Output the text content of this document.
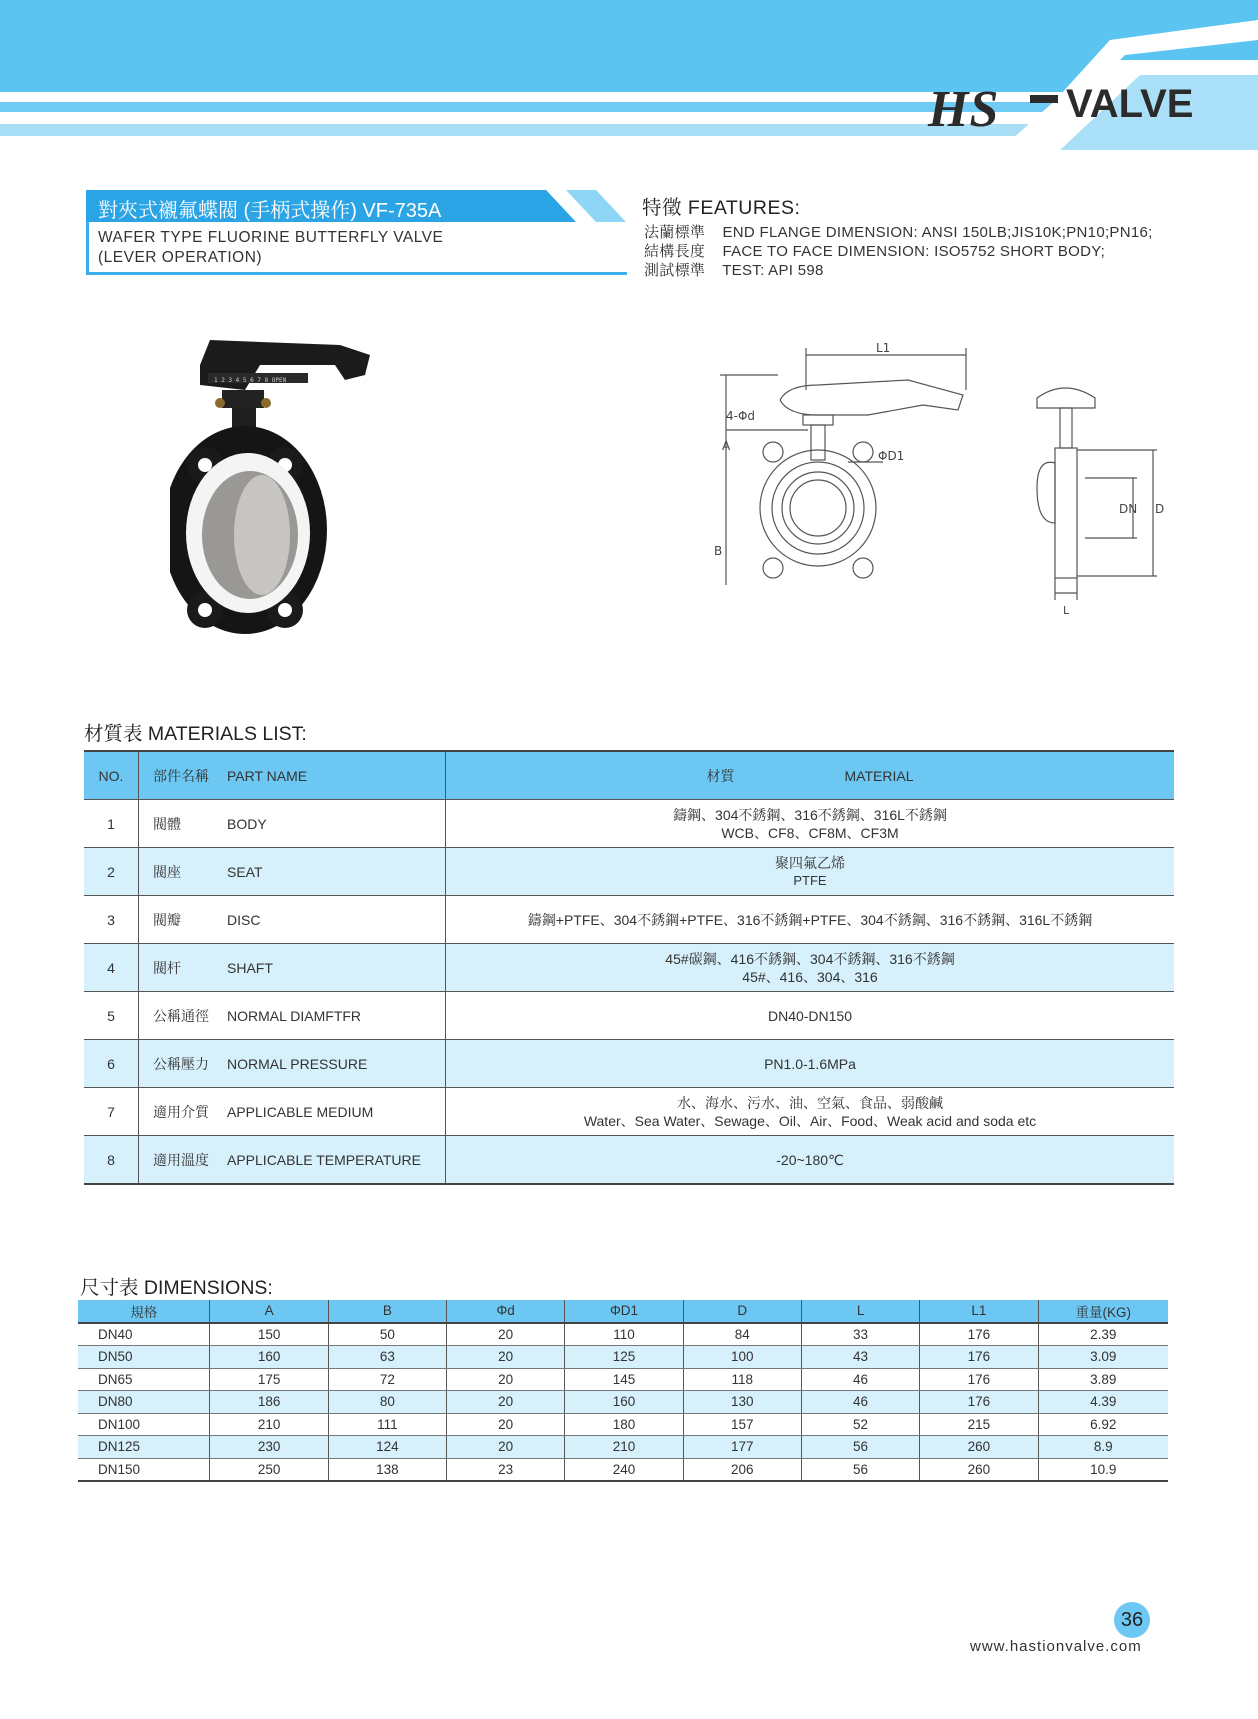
HS VALVE
對夾式襯氟蝶閥 (手柄式操作) VF-735A
WAFER TYPE FLUORINE BUTTERFLY VALVE
(LEVER OPERATION)
特徵 FEATURES:
法蘭標準 END FLANGE DIMENSION: ANSI 150LB;JIS10K;PN10;PN16;
結構長度 FACE TO FACE DIMENSION: ISO5752 SHORT BODY;
測試標準 TEST: API 598
1 2 3 4 5 6 7 8 OPEN
L1
4-Φd
B
A
ΦD1
DN D
L
材質表 MATERIALS LIST:
NO.	部件名稱	PART NAME	材質 MATERIAL
1	閥體	BODY	鑄鋼、304不銹鋼、316不銹鋼、316L不銹鋼
WCB、CF8、CF8M、CF3M

2	閥座	SEAT	聚四氟乙烯
PTFE

3	閥瓣	DISC	鑄鋼+PTFE、304不銹鋼+PTFE、316不銹鋼+PTFE、304不銹鋼、316不銹鋼、316L不銹鋼

4	閥杆	SHAFT	45#碳鋼、416不銹鋼、304不銹鋼、316不銹鋼
45#、416、304、316

5	公稱通徑	NORMAL DIAMFTFR	DN40-DN150

6	公稱壓力	NORMAL PRESSURE	PN1.0-1.6MPa

7	適用介質	APPLICABLE MEDIUM	水、海水、污水、油、空氣、食品、弱酸鹹
Water、Sea Water、Sewage、Oil、Air、Food、Weak acid and soda etc

8	適用溫度	APPLICABLE TEMPERATURE	-20~180℃
尺寸表 DIMENSIONS:
規格	A	B	Φd	ΦD1	D	L	L1	重量(KG)
DN40	150	50	20	110	84	33	176	2.39
DN50	160	63	20	125	100	43	176	3.09
DN65	175	72	20	145	118	46	176	3.89
DN80	186	80	20	160	130	46	176	4.39
DN100	210	111	20	180	157	52	215	6.92
DN125	230	124	20	210	177	56	260	8.9
DN150	250	138	23	240	206	56	260	10.9
36
www.hastionvalve.com
